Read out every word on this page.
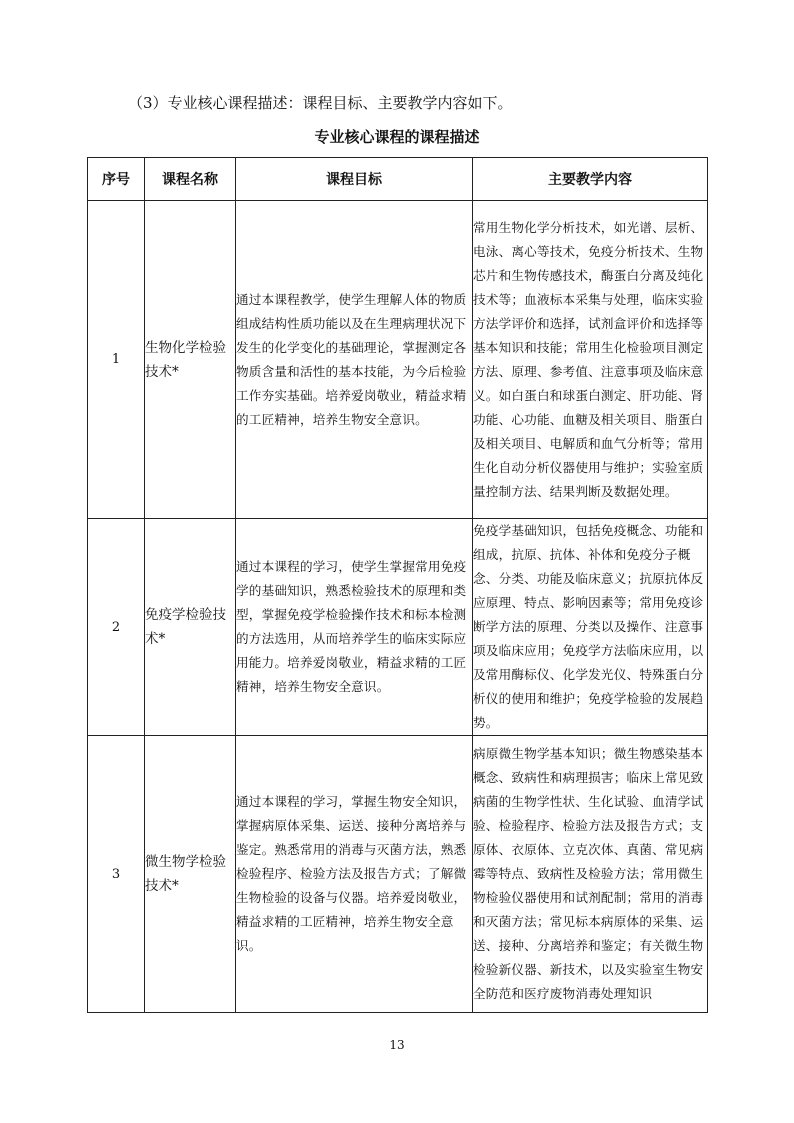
（3）专业核心课程描述：课程目标、主要教学内容如下。
专业核心课程的课程描述
序号	课程名称	课程目标	主要教学内容
1	生物化学检验技术*	通过本课程教学，使学生理解人体的物质组成结构性质功能以及在生理病理状况下发生的化学变化的基础理论，掌握测定各物质含量和活性的基本技能，为今后检验工作夯实基础。培养爱岗敬业，精益求精的工匠精神，培养生物安全意识。	常用生物化学分析技术，如光谱、层析、电泳、离心等技术，免疫分析技术、生物芯片和生物传感技术，酶蛋白分离及纯化技术等；血液标本采集与处理，临床实验方法学评价和选择，试剂盒评价和选择等基本知识和技能；常用生化检验项目测定方法、原理、参考值、注意事项及临床意义。如白蛋白和球蛋白测定、肝功能、肾功能、心功能、血糖及相关项目、脂蛋白及相关项目、电解质和血气分析等；常用生化自动分析仪器使用与维护；实验室质量控制方法、结果判断及数据处理。
2	免疫学检验技术*	通过本课程的学习，使学生掌握常用免疫学的基础知识，熟悉检验技术的原理和类型，掌握免疫学检验操作技术和标本检测的方法选用，从而培养学生的临床实际应用能力。培养爱岗敬业，精益求精的工匠精神，培养生物安全意识。	免疫学基础知识，包括免疫概念、功能和组成，抗原、抗体、补体和免疫分子概念、分类、功能及临床意义；抗原抗体反应原理、特点、影响因素等；常用免疫诊断学方法的原理、分类以及操作、注意事项及临床应用；免疫学方法临床应用，以及常用酶标仪、化学发光仪、特殊蛋白分析仪的使用和维护；免疫学检验的发展趋势。
3	微生物学检验技术*	通过本课程的学习，掌握生物安全知识，掌握病原体采集、运送、接种分离培养与鉴定。熟悉常用的消毒与灭菌方法，熟悉检验程序、检验方法及报告方式；了解微生物检验的设备与仪器。培养爱岗敬业，精益求精的工匠精神，培养生物安全意识。	病原微生物学基本知识；微生物感染基本概念、致病性和病理损害；临床上常见致病菌的生物学性状、生化试验、血清学试验、检验程序、检验方法及报告方式；支原体、衣原体、立克次体、真菌、常见病霉等特点、致病性及检验方法；常用微生物检验仪器使用和试剂配制；常用的消毒和灭菌方法；常见标本病原体的采集、运送、接种、分离培养和鉴定；有关微生物检验新仪器、新技术，以及实验室生物安全防范和医疗废物消毒处理知识
13
